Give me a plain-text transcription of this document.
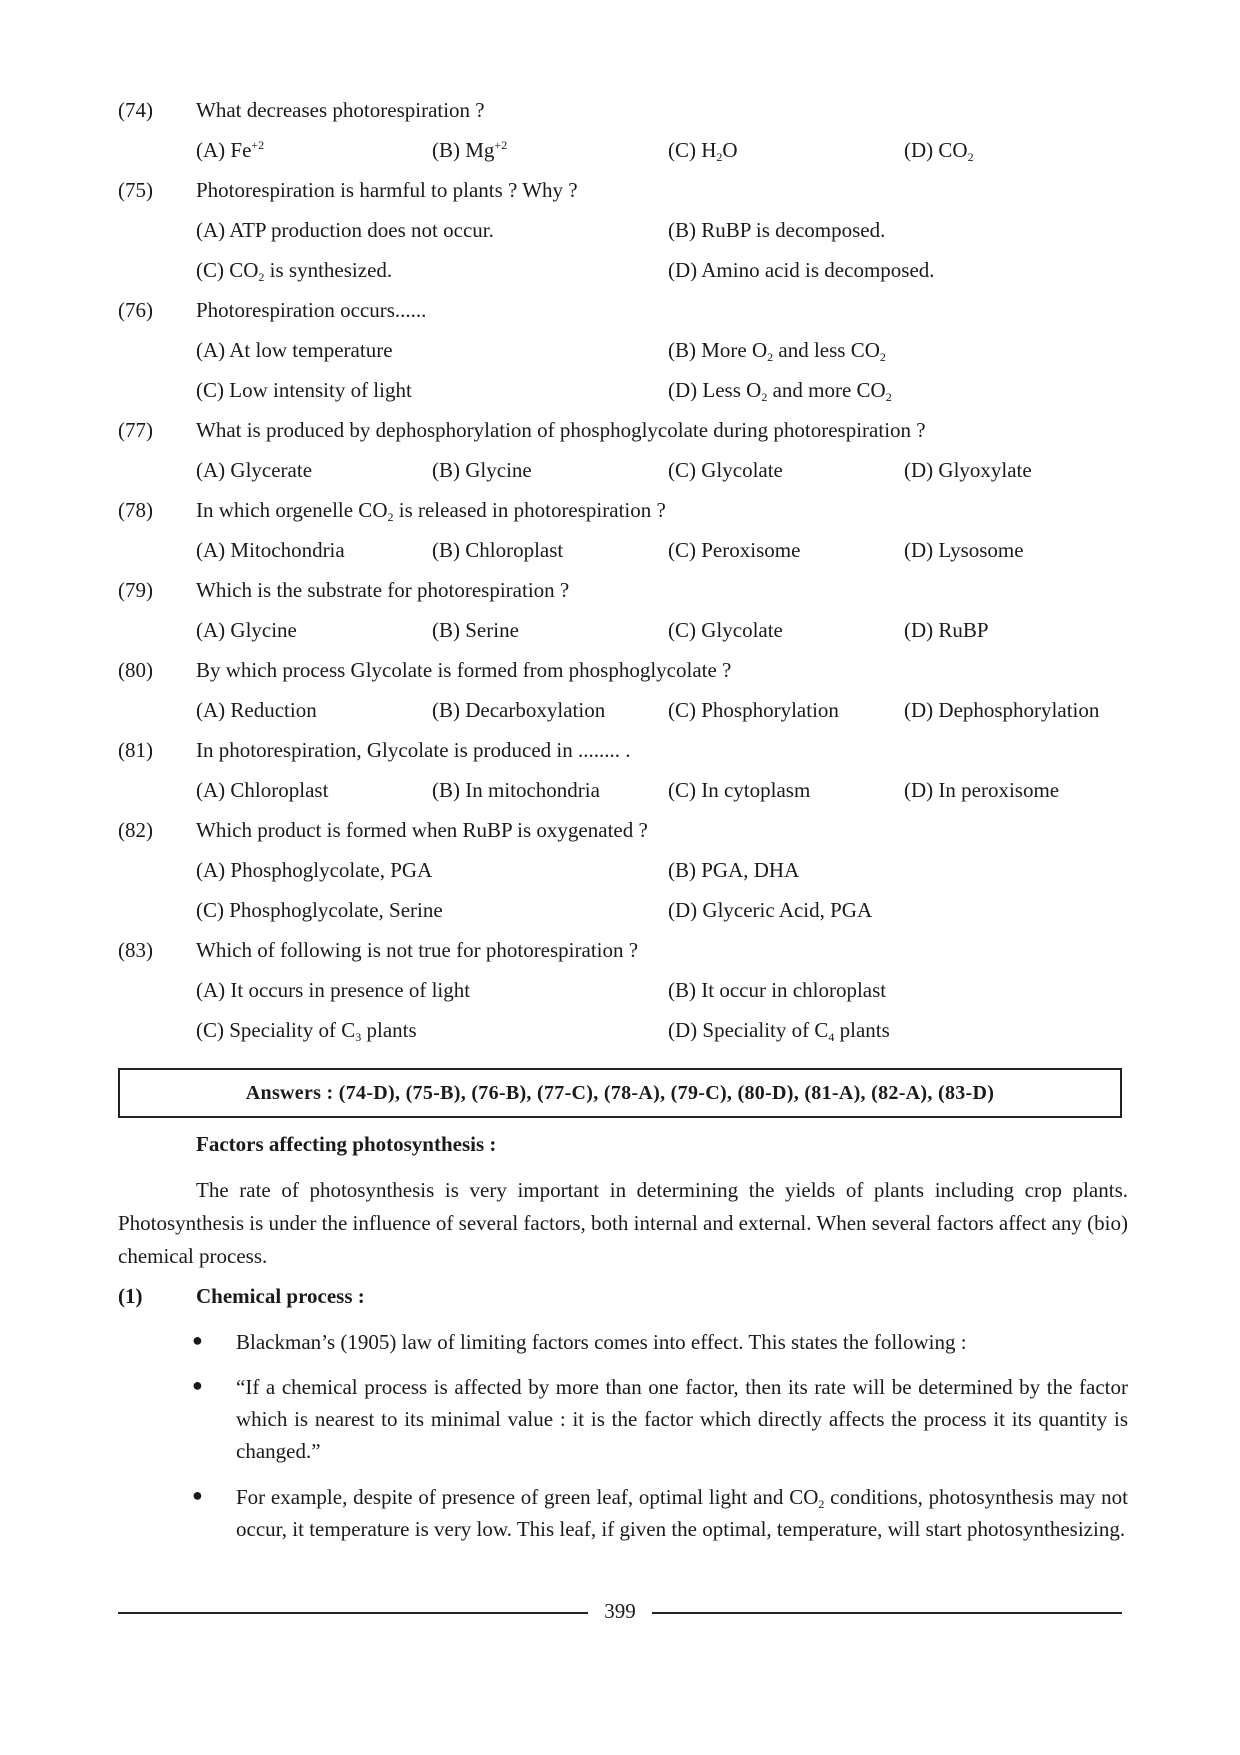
(74)	What decreases photorespiration ?
(A) $Fe^{+2}$	(B) $Mg^{+2}$	(C) $H_2O$	(D) $CO_2$
(75)	Photorespiration is harmful to plants ? Why ?
(A) ATP production does not occur.	(B) RuBP is decomposed.
(C) $CO_2$ is synthesized.	(D) Amino acid is decomposed.
(76)	Photorespiration occurs......
(A) At low temperature	(B) More $O_2$ and less $CO_2$
(C) Low intensity of light	(D) Less $O_2$ and more $CO_2$
(77)	What is produced by dephosphorylation of phosphoglycolate during photorespiration ?
(A) Glycerate	(B) Glycine	(C) Glycolate	(D) Glyoxylate
(78)	In which orgenelle $CO_2$ is released in photorespiration ?
(A) Mitochondria	(B) Chloroplast	(C) Peroxisome	(D) Lysosome
(79)	Which is the substrate for photorespiration ?
(A) Glycine	(B) Serine	(C) Glycolate	(D) RuBP
(80)	By which process Glycolate is formed from phosphoglycolate ?
(A) Reduction	(B) Decarboxylation	(C) Phosphorylation	(D) Dephosphorylation
(81)	In photorespiration, Glycolate is produced in ........ .
(A) Chloroplast	(B) In mitochondria	(C) In cytoplasm	(D) In peroxisome
(82)	Which product is formed when RuBP is oxygenated ?
(A) Phosphoglycolate, PGA	(B) PGA, DHA
(C) Phosphoglycolate, Serine	(D) Glyceric Acid, PGA
(83)	Which of following is not true for photorespiration ?
(A) It occurs in presence of light	(B) It occur in chloroplast
(C) Speciality of $C_3$ plants	(D) Speciality of $C_4$ plants
Answers : (74-D), (75-B), (76-B), (77-C), (78-A), (79-C), (80-D), (81-A), (82-A), (83-D)
Factors affecting photosynthesis :
The rate of photosynthesis is very important in determining the yields of plants including crop plants. Photosynthesis is under the influence of several factors, both internal and external. When several factors affect any (bio) chemical process.
(1)	Chemical process :
● Blackman’s (1905) law of limiting factors comes into effect. This states the following :
● “If a chemical process is affected by more than one factor, then its rate will be determined by the factor which is nearest to its minimal value : it is the factor which directly affects the process it its quantity is changed.”
● For example, despite of presence of green leaf, optimal light and $CO_2$ conditions, photosynthesis may not occur, it temperature is very low. This leaf, if given the optimal, temperature, will start photosynthesizing.
399
